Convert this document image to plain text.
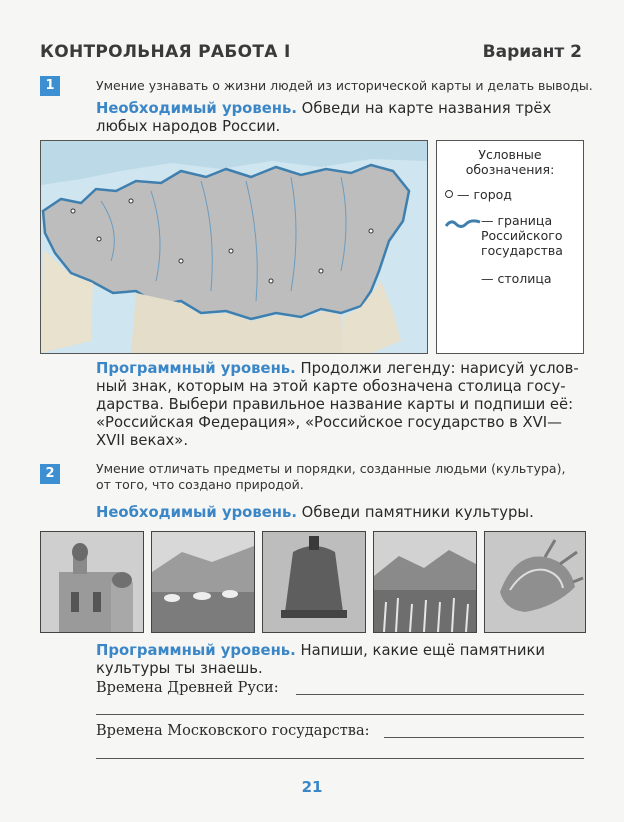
КОНТРОЛЬНАЯ РАБОТА I	Вариант 2
1	Умение узнавать о жизни людей из исторической карты и делать выводы.
Необходимый уровень. Обведи на карте названия трёх
любых народов России.
Условные
обозначения:
— город
— граница
Российского
государства
— столица
Программный уровень. Продолжи легенду: нарисуй услов-
ный знак, которым на этой карте обозначена столица госу-
дарства. Выбери правильное название карты и подпиши её:
«Российская Федерация», «Российское государство в XVI—
XVII веках».
2	Умение отличать предметы и порядки, созданные людьми (культура),
от того, что создано природой.
Необходимый уровень. Обведи памятники культуры.
Программный уровень. Напиши, какие ещё памятники
культуры ты знаешь.
Времена Древней Руси:
Времена Московского государства:
21
